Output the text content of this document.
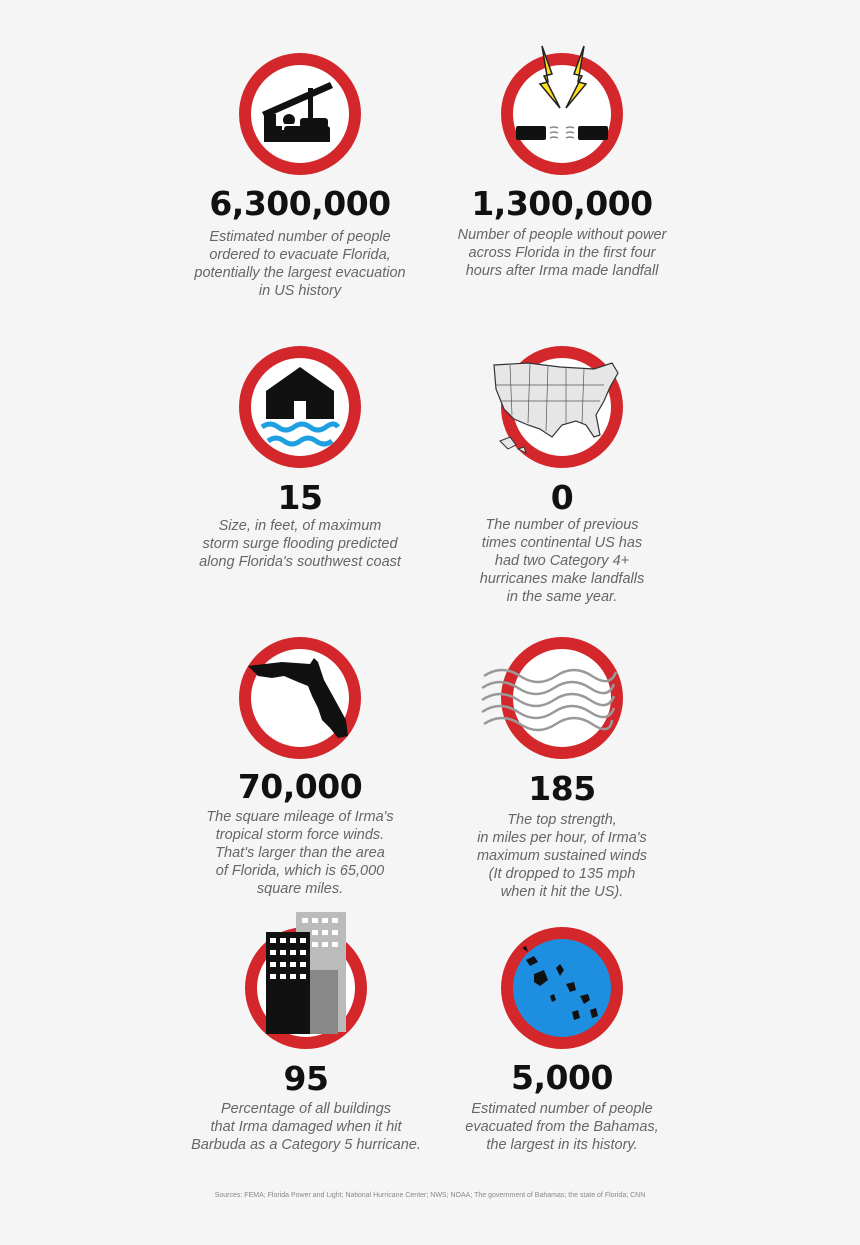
6,300,000
Estimated number of people
ordered to evacuate Florida,
potentially the largest evacuation
in US history
1,300,000
Number of people without power
across Florida in the first four
hours after Irma made landfall
15
Size, in feet, of maximum
storm surge flooding predicted
along Florida's southwest coast
0
The number of previous
times continental US has
had two Category 4+
hurricanes make landfalls
in the same year.
70,000
The square mileage of Irma's
tropical storm force winds.
That's larger than the area
of Florida, which is 65,000
square miles.
185
The top strength,
in miles per hour, of Irma's
maximum sustained winds
(It dropped to 135 mph
when it hit the US).
95
Percentage of all buildings
that Irma damaged when it hit
Barbuda as a Category 5 hurricane.
5,000
Estimated number of people
evacuated from the Bahamas,
the largest in its history.
Sources: FEMA; Florida Power and Light; National Hurricane Center; NWS; NOAA; The government of Bahamas; the state of Florida; CNN
